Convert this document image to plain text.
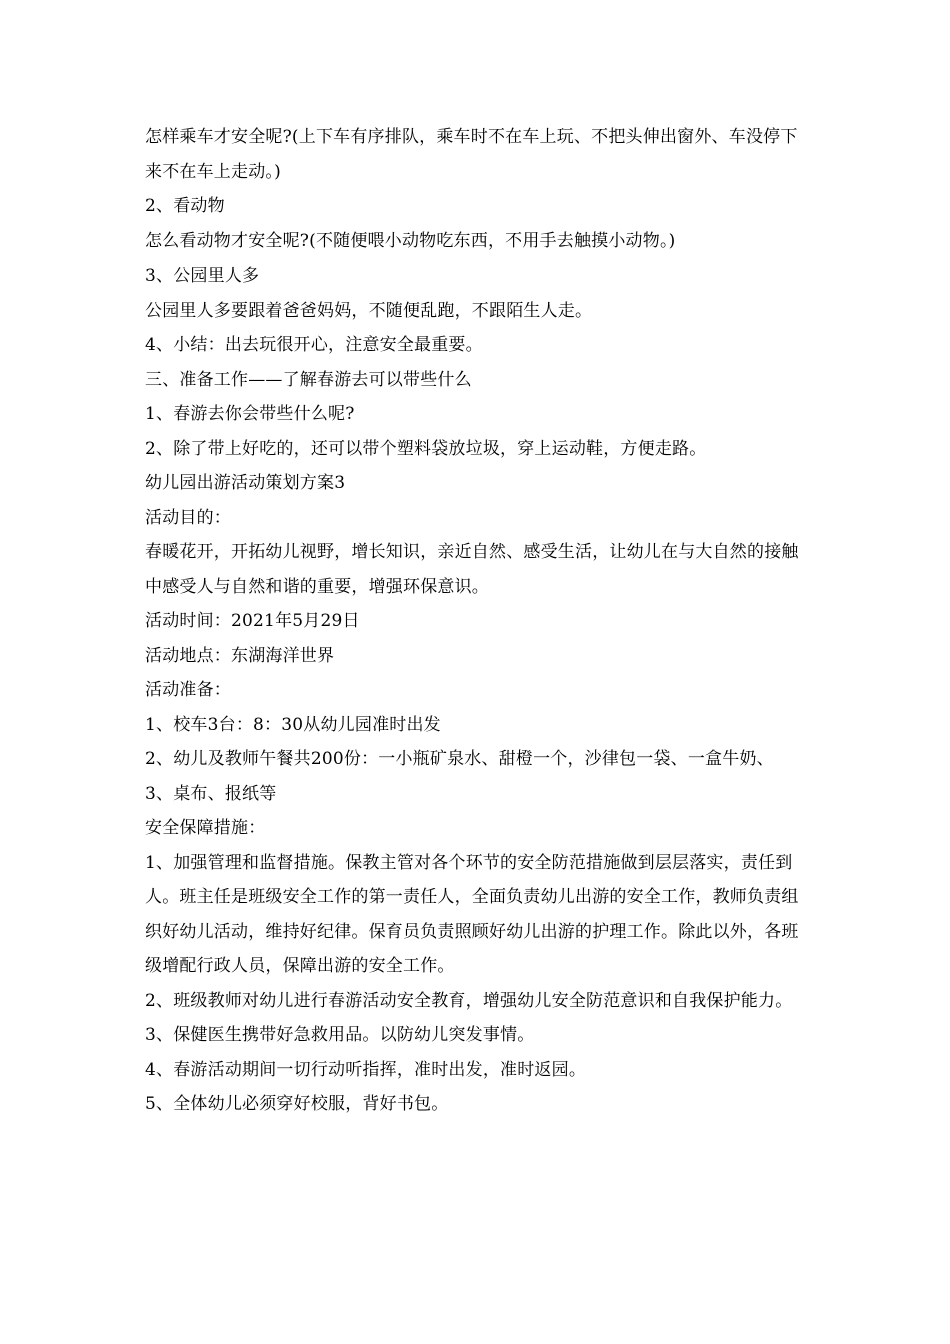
怎样乘车才安全呢?(上下车有序排队，乘车时不在车上玩、不把头伸出窗外、车没停下来不在车上走动。)

2、看动物

怎么看动物才安全呢?(不随便喂小动物吃东西，不用手去触摸小动物。)

3、公园里人多

公园里人多要跟着爸爸妈妈，不随便乱跑，不跟陌生人走。

4、小结：出去玩很开心，注意安全最重要。

三、准备工作——了解春游去可以带些什么

1、春游去你会带些什么呢?

2、除了带上好吃的，还可以带个塑料袋放垃圾，穿上运动鞋，方便走路。

幼儿园出游活动策划方案3

活动目的：

春暖花开，开拓幼儿视野，增长知识，亲近自然、感受生活，让幼儿在与大自然的接触中感受人与自然和谐的重要，增强环保意识。

活动时间：2021年5月29日

活动地点：东湖海洋世界

活动准备：

1、校车3台：8：30从幼儿园准时出发

2、幼儿及教师午餐共200份：一小瓶矿泉水、甜橙一个，沙律包一袋、一盒牛奶、

3、桌布、报纸等

安全保障措施：

1、加强管理和监督措施。保教主管对各个环节的安全防范措施做到层层落实，责任到人。班主任是班级安全工作的第一责任人，全面负责幼儿出游的安全工作，教师负责组织好幼儿活动，维持好纪律。保育员负责照顾好幼儿出游的护理工作。除此以外，各班级增配行政人员，保障出游的安全工作。

2、班级教师对幼儿进行春游活动安全教育，增强幼儿安全防范意识和自我保护能力。

3、保健医生携带好急救用品。以防幼儿突发事情。

4、春游活动期间一切行动听指挥，准时出发，准时返园。

5、全体幼儿必须穿好校服，背好书包。
